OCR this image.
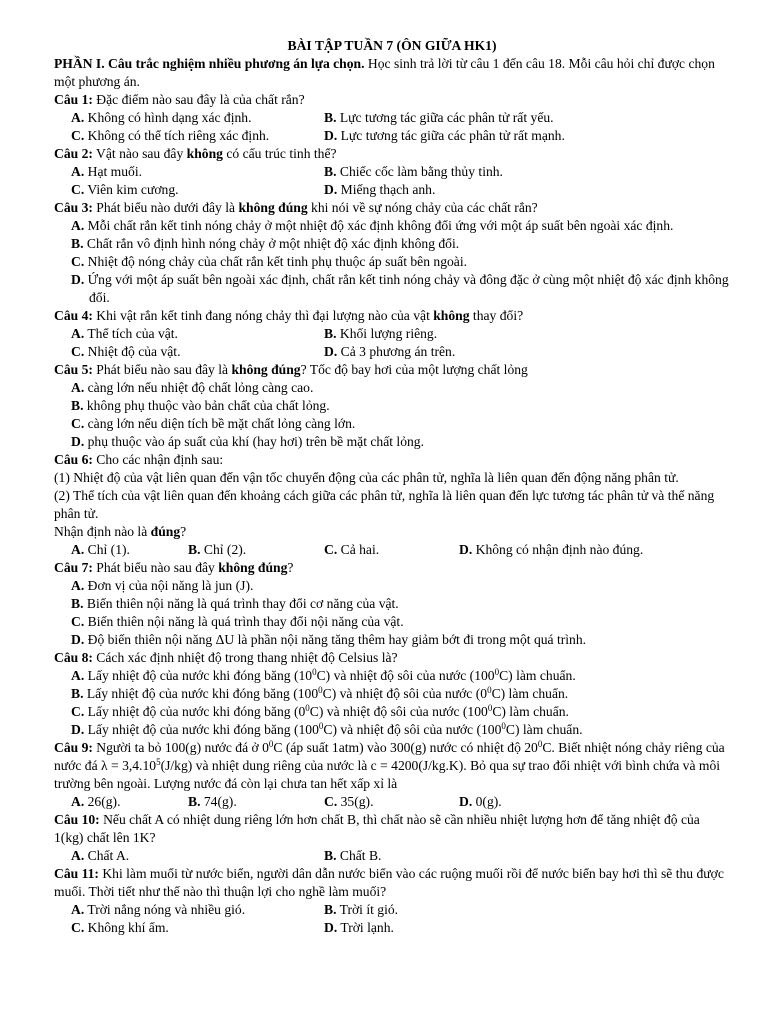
BÀI TẬP TUẦN 7 (ÔN GIỮA HK1)
PHẦN I. Câu trắc nghiệm nhiều phương án lựa chọn. Học sinh trả lời từ câu 1 đến câu 18. Mỗi câu hỏi chỉ được chọn một phương án.
Câu 1: Đặc điểm nào sau đây là của chất rắn?
A. Không có hình dạng xác định.	B. Lực tương tác giữa các phân tử rất yếu.
C. Không có thể tích riêng xác định.	D. Lực tương tác giữa các phân tử rất mạnh.
Câu 2: Vật nào sau đây không có cấu trúc tinh thể?
A. Hạt muối.	B. Chiếc cốc làm bằng thủy tinh.
C. Viên kim cương.	D. Miếng thạch anh.
Câu 3: Phát biểu nào dưới đây là không đúng khi nói về sự nóng chảy của các chất rắn?
A. Mỗi chất rắn kết tinh nóng chảy ở một nhiệt độ xác định không đổi ứng với một áp suất bên ngoài xác định.
B. Chất rắn vô định hình nóng chảy ở một nhiệt độ xác định không đổi.
C. Nhiệt độ nóng chảy của chất rắn kết tinh phụ thuộc áp suất bên ngoài.
D. Ứng với một áp suất bên ngoài xác định, chất rắn kết tinh nóng chảy và đông đặc ở cùng một nhiệt độ xác định không đổi.
Câu 4: Khi vật rắn kết tinh đang nóng chảy thì đại lượng nào của vật không thay đổi?
A. Thể tích của vật.	B. Khối lượng riêng.
C. Nhiệt độ của vật.	D. Cả 3 phương án trên.
Câu 5: Phát biểu nào sau đây là không đúng? Tốc độ bay hơi của một lượng chất lỏng
A. càng lớn nếu nhiệt độ chất lỏng càng cao.
B. không phụ thuộc vào bản chất của chất lỏng.
C. càng lớn nếu diện tích bề mặt chất lỏng càng lớn.
D. phụ thuộc vào áp suất của khí (hay hơi) trên bề mặt chất lỏng.
Câu 6: Cho các nhận định sau:
(1) Nhiệt độ của vật liên quan đến vận tốc chuyển động của các phân tử, nghĩa là liên quan đến động năng phân tử.
(2) Thể tích của vật liên quan đến khoảng cách giữa các phân tử, nghĩa là liên quan đến lực tương tác phân tử và thế năng phân tử.
Nhận định nào là đúng?
A. Chỉ (1).	B. Chỉ (2).	C. Cả hai.	D. Không có nhận định nào đúng.
Câu 7: Phát biểu nào sau đây không đúng?
A. Đơn vị của nội năng là jun (J).
B. Biến thiên nội năng là quá trình thay đổi cơ năng của vật.
C. Biến thiên nội năng là quá trình thay đổi nội năng của vật.
D. Độ biến thiên nội năng ΔU là phần nội năng tăng thêm hay giảm bớt đi trong một quá trình.
Câu 8: Cách xác định nhiệt độ trong thang nhiệt độ Celsius là?
A. Lấy nhiệt độ của nước khi đóng băng $(10^0C)$ và nhiệt độ sôi của nước $(100^0C)$ làm chuẩn.
B. Lấy nhiệt độ của nước khi đóng băng $(100^0C)$ và nhiệt độ sôi của nước $(0^0C)$ làm chuẩn.
C. Lấy nhiệt độ của nước khi đóng băng $(0^0C)$ và nhiệt độ sôi của nước $(100^0C)$ làm chuẩn.
D. Lấy nhiệt độ của nước khi đóng băng $(100^0C)$ và nhiệt độ sôi của nước $(100^0C)$ làm chuẩn.
Câu 9: Người ta bỏ 100(g) nước đá ở $0^0C$ (áp suất 1atm) vào 300(g) nước có nhiệt độ $20^0C$. Biết nhiệt nóng chảy riêng của nước đá $\lambda = 3,4.10^5(J/kg)$ và nhiệt dung riêng của nước là c = 4200(J/kg.K). Bỏ qua sự trao đổi nhiệt với bình chứa và môi trường bên ngoài. Lượng nước đá còn lại chưa tan hết xấp xỉ là
A. 26(g).	B. 74(g).	C. 35(g).	D. 0(g).
Câu 10: Nếu chất A có nhiệt dung riêng lớn hơn chất B, thì chất nào sẽ cần nhiều nhiệt lượng hơn để tăng nhiệt độ của 1(kg) chất lên 1K?
A. Chất A.	B. Chất B.
Câu 11: Khi làm muối từ nước biển, người dân dẫn nước biển vào các ruộng muối rồi để nước biển bay hơi thì sẽ thu được muối. Thời tiết như thế nào thì thuận lợi cho nghề làm muối?
A. Trời nắng nóng và nhiều gió.	B. Trời ít gió.
C. Không khí ẩm.	D. Trời lạnh.
